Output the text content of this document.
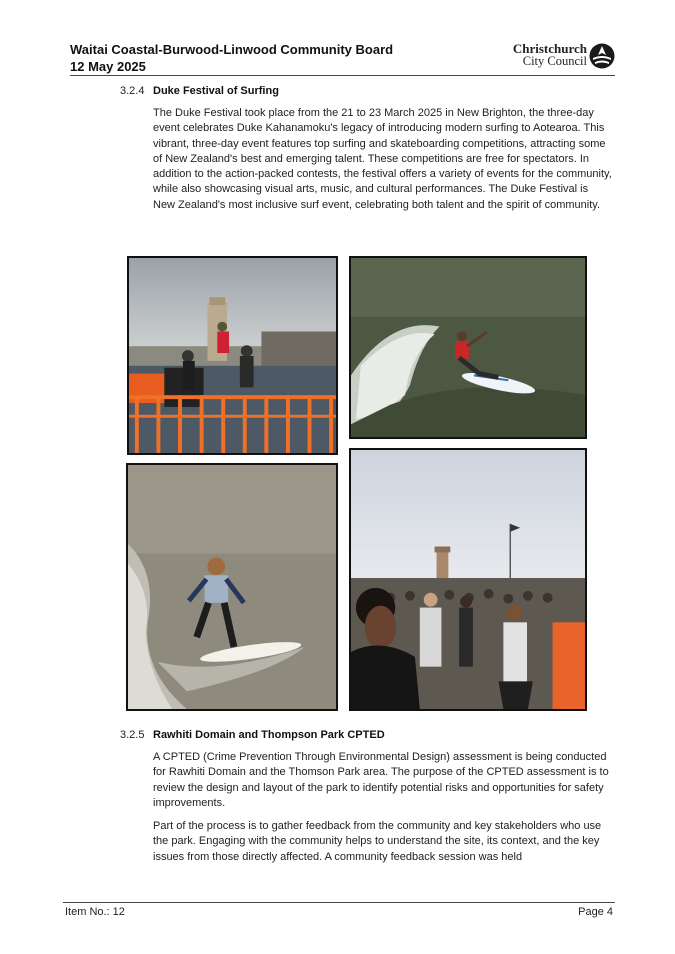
Waitai Coastal-Burwood-Linwood Community Board
12 May 2025
Christchurch
City Council
3.2.4 Duke Festival of Surfing

The Duke Festival took place from the 21 to 23 March 2025 in New Brighton, the three-day event celebrates Duke Kahanamoku's legacy of introducing modern surfing to Aotearoa. This vibrant, three-day event features top surfing and skateboarding competitions, attracting some of New Zealand's best and emerging talent. These competitions are free for spectators. In addition to the action-packed contests, the festival offers a variety of events for the community, while also showcasing visual arts, music, and cultural performances. The Duke Festival is New Zealand's most inclusive surf event, celebrating both talent and the spirit of community.

3.2.5 Rawhiti Domain and Thompson Park CPTED

A CPTED (Crime Prevention Through Environmental Design) assessment is being conducted for Rawhiti Domain and the Thomson Park area. The purpose of the CPTED assessment is to review the design and layout of the park to identify potential risks and opportunities for safety improvements.

Part of the process is to gather feedback from the community and key stakeholders who use the park. Engaging with the community helps to understand the site, its context, and the key issues from those directly affected. A community feedback session was held

Item No.: 12	Page 4
